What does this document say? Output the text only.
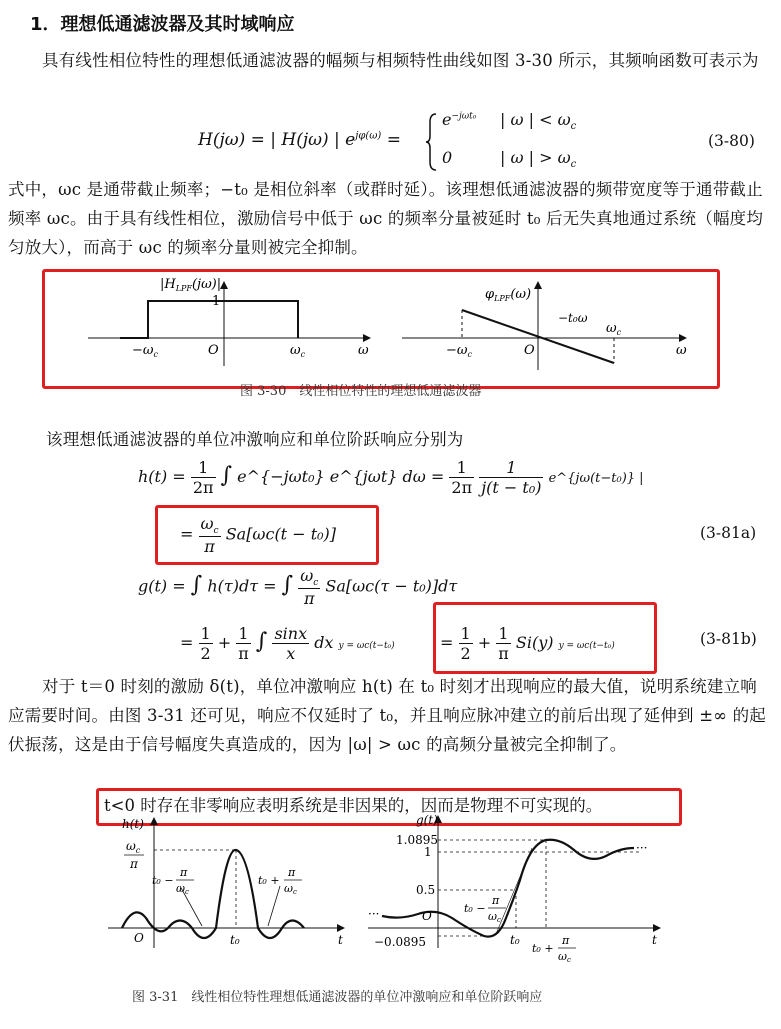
1．理想低通滤波器及其时域响应
具有线性相位特性的理想低通滤波器的幅频与相频特性曲线如图 3-30 所示，其频响函数可表示为
H(jω) = | H(jω) | $e^{j\varphi(\omega)}$ =
$e^{-j\omega t_0}$ | ω | < $\omega_c$
0	| ω | > $\omega_c$
(3-80)
式中，ωc 是通带截止频率；−t₀ 是相位斜率（或群时延）。该理想低通滤波器的频带宽度等于通带截止频率 ωc。由于具有线性相位，激励信号中低于 ωc 的频率分量被延时 t₀ 后无失真地通过系统（幅度均匀放大），而高于 ωc 的频率分量则被完全抑制。
$|H_{LPF}(j\omega)|$
1
$-\omega_c$	O	$\omega_c$	ω
$\varphi_{LPF}(\omega)$
−t₀ω
$-\omega_c$	O
$\omega_c$
ω
图 3-30　线性相位特性的理想低通滤波器
该理想低通滤波器的单位冲激响应和单位阶跃响应分别为
$h(t) = \frac{1}{2\pi}$ ∫ e^{−jωt₀} e^{jωt} $d\omega = \frac{1}{2\pi}$
$\frac{1}{\text{j(t − t₀)}}$ e^{jω(t−t₀)} |
= $\frac{\omega_c}{\pi} Sa[\omega c(t - t_0)]$	(3-81a)
g(t) = ∫ h(τ)dτ = ∫ $\frac{\omega_c}{\pi} Sa[\omega c(\tau - t_0)]d\tau$
= $\frac{1}{2} + \frac{1}{\pi}$ ∫ $\frac{\sin x}{x}$ dx y = ωc(t−t₀)	= $\frac{1}{2} + \frac{1}{\pi} Si(y) y = \omega c(t-t_0)$	(3-81b)
对于 t＝0 时刻的激励 δ(t)，单位冲激响应 h(t) 在 t₀ 时刻才出现响应的最大值，说明系统建立响应需要时间。由图 3-31 还可见，响应不仅延时了 t₀，并且响应脉冲建立的前后出现了延伸到 ±∞ 的起伏振荡，这是由于信号幅度失真造成的，因为 |ω| > ωc 的高频分量被完全抑制了。
t<0 时存在非零响应表明系统是非因果的，因而是物理不可实现的。
h(t)
$\omega_c$
π
t₀ −
π
ωc
t₀ +
π
ωc
O	t₀	t
···
···
g(t)
1.0895
1
0.5
O
−0.0895
t₀ −
π
ωc
t₀
t₀ +
π
ωc
t
图 3-31　线性相位特性理想低通滤波器的单位冲激响应和单位阶跃响应
